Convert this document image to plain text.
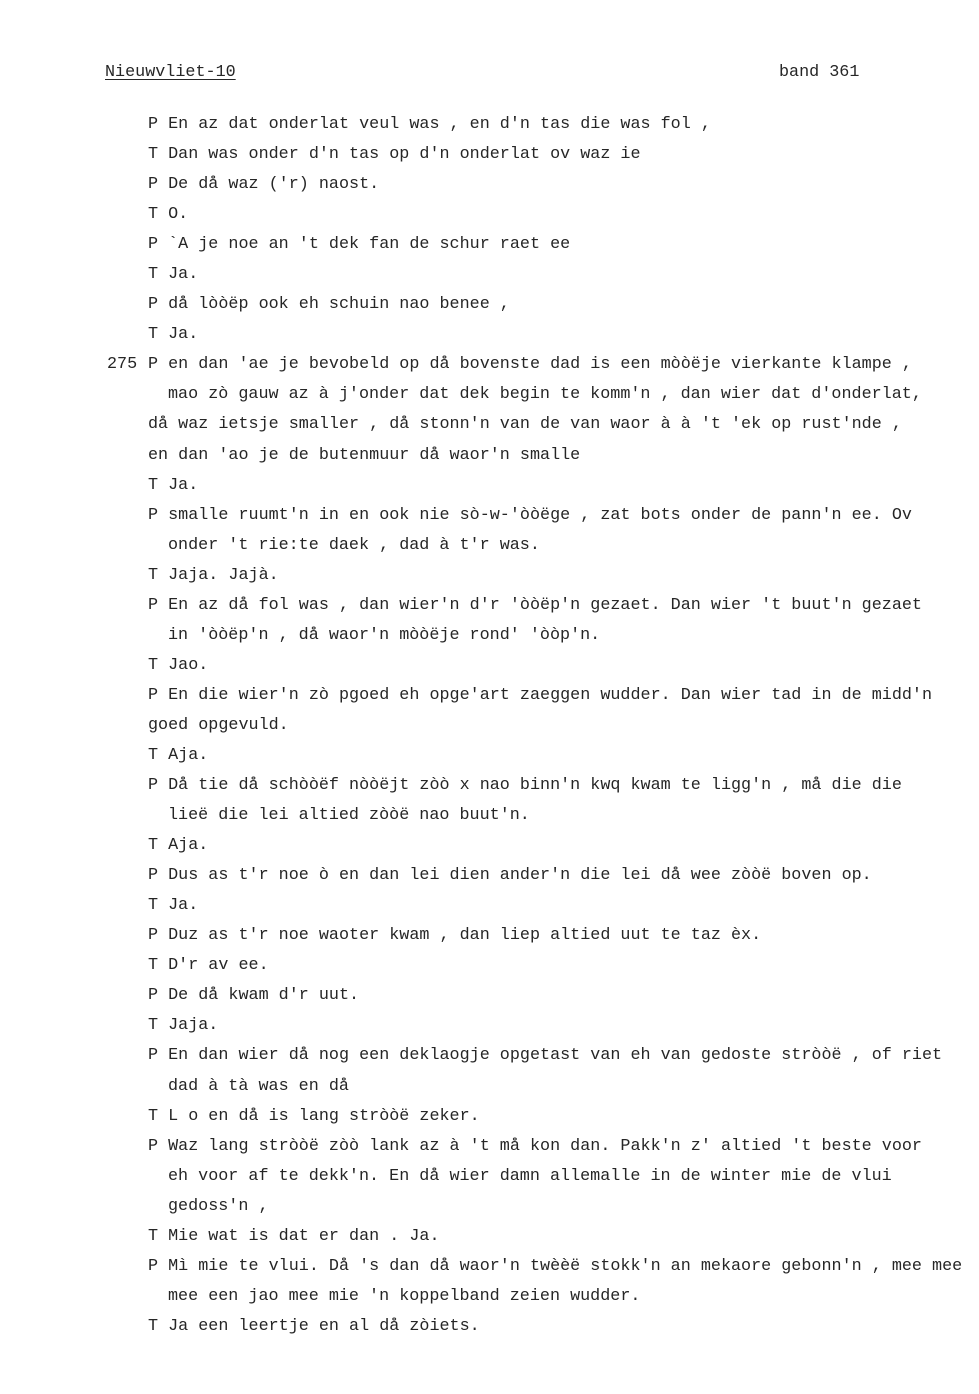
Nieuwvliet-10	band 361
P En az dat onderlat veul was , en d'n tas die was fol ,
T Dan was onder d'n tas op d'n onderlat ov waz ie
P De då waz ('r) naost.
T O.
P `A je noe an 't dek fan de schur raet ee
T Ja.
P då lòòëp ook eh schuin nao benee ,
T Ja.
275 P en dan 'ae je bevobeld op då bovenste dad is een mòòëje vierkante klampe ,
mao zò gauw az à j'onder dat dek begin te komm'n , dan wier dat d'onderlat,
då waz ietsje smaller , då stonn'n van de van waor à à 't 'ek op rust'nde ,
en dan 'ao je de butenmuur då waor'n smalle
T Ja.
P smalle ruumt'n in en ook nie sò-w-'òòëge , zat bots onder de pann'n ee. Ov
onder 't rie:te daek , dad à t'r was.
T Jaja. Jajà.
P En az då fol was , dan wier'n d'r 'òòëp'n gezaet. Dan wier 't buut'n gezaet
in 'òòëp'n , då waor'n mòòëje rond' 'òòp'n.
T Jao.
P En die wier'n zò pgoed eh opge'art zaeggen wudder. Dan wier tad in de midd'n
goed opgevuld.
T Aja.
P Då tie då schòòëf nòòëjt zòò x nao binn'n kwq kwam te ligg'n , må die die
lieë die lei altied zòòë nao buut'n.
T Aja.
P Dus as t'r noe ò en dan lei dien ander'n die lei då wee zòòë boven op.
T Ja.
P Duz as t'r noe waoter kwam , dan liep altied uut te taz èx.
T D'r av ee.
P De då kwam d'r uut.
T Jaja.
P En dan wier då nog een deklaogje opgetast van eh van gedoste stròòë , of riet
dad à tà was en då
T L o en då is lang stròòë zeker.
P Waz lang stròòë zòò lank az à 't må kon dan. Pakk'n z' altied 't beste voor
eh voor af te dekk'n. En då wier damn allemalle in de winter mie de vlui
gedoss'n ,
T Mie wat is dat er dan . Ja.
P Mì mie te vlui. Då 's dan då waor'n twèèë stokk'n an mekaore gebonn'n , mee mee
mee een jao mee mie 'n koppelband zeien wudder.
T Ja een leertje en al då zòiets.
